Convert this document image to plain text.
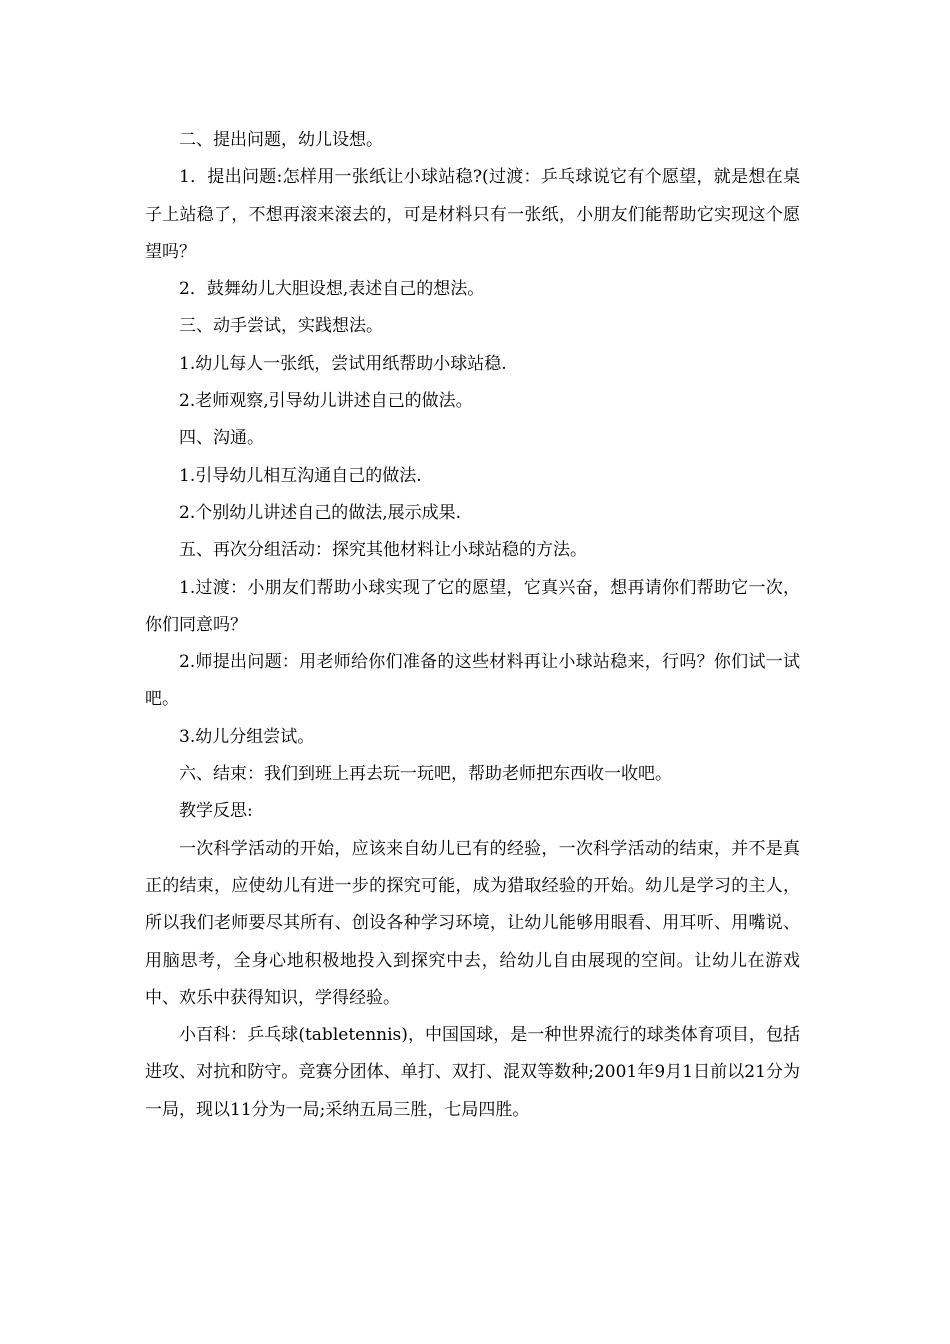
二、提出问题，幼儿设想。

1．提出问题:怎样用一张纸让小球站稳?(过渡：乒乓球说它有个愿望，就是想在桌子上站稳了，不想再滚来滚去的，可是材料只有一张纸，小朋友们能帮助它实现这个愿望吗？

2．鼓舞幼儿大胆设想,表述自己的想法。

三、动手尝试，实践想法。

1.幼儿每人一张纸，尝试用纸帮助小球站稳.

2.老师观察,引导幼儿讲述自己的做法。

四、沟通。

1.引导幼儿相互沟通自己的做法.

2.个别幼儿讲述自己的做法,展示成果.

五、再次分组活动：探究其他材料让小球站稳的方法。

1.过渡：小朋友们帮助小球实现了它的愿望，它真兴奋，想再请你们帮助它一次，你们同意吗？

2.师提出问题：用老师给你们准备的这些材料再让小球站稳来，行吗？你们试一试吧。

3.幼儿分组尝试。

六、结束：我们到班上再去玩一玩吧，帮助老师把东西收一收吧。

教学反思:

一次科学活动的开始，应该来自幼儿已有的经验，一次科学活动的结束，并不是真正的结束，应使幼儿有进一步的探究可能，成为猎取经验的开始。幼儿是学习的主人，所以我们老师要尽其所有、创设各种学习环境，让幼儿能够用眼看、用耳听、用嘴说、用脑思考，全身心地积极地投入到探究中去，给幼儿自由展现的空间。让幼儿在游戏中、欢乐中获得知识，学得经验。

小百科：乒乓球(tabletennis)，中国国球，是一种世界流行的球类体育项目，包括进攻、对抗和防守。竞赛分团体、单打、双打、混双等数种;2001年9月1日前以21分为一局，现以11分为一局;采纳五局三胜，七局四胜。
